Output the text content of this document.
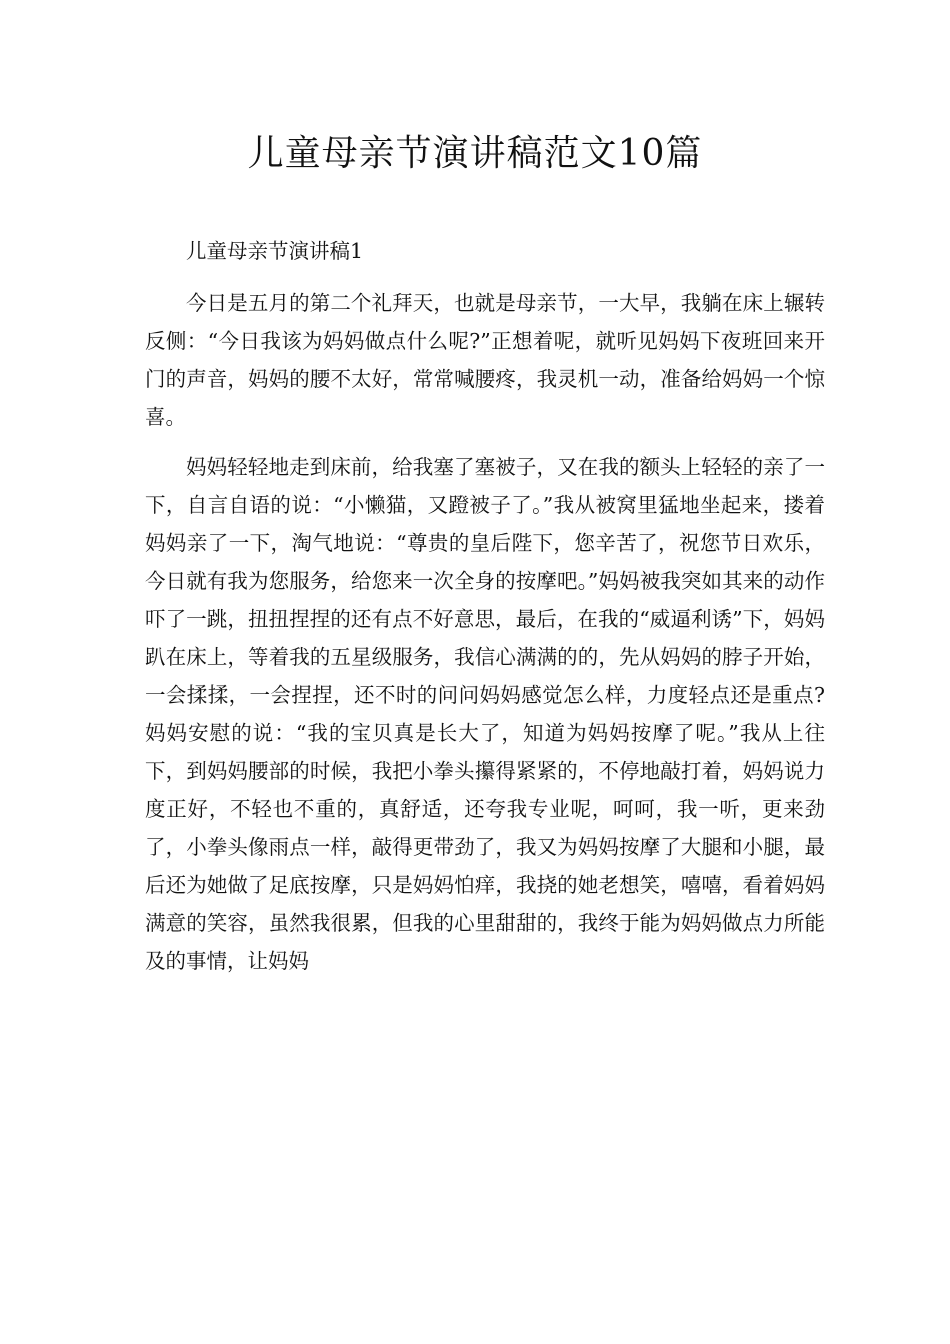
儿童母亲节演讲稿范文10篇
儿童母亲节演讲稿1

今日是五月的第二个礼拜天，也就是母亲节，一大早，我躺在床上辗转反侧：“今日我该为妈妈做点什么呢?”正想着呢，就听见妈妈下夜班回来开门的声音，妈妈的腰不太好，常常喊腰疼，我灵机一动，准备给妈妈一个惊喜。

妈妈轻轻地走到床前，给我塞了塞被子，又在我的额头上轻轻的亲了一下，自言自语的说：“小懒猫，又蹬被子了。”我从被窝里猛地坐起来，搂着妈妈亲了一下，淘气地说：“尊贵的皇后陛下，您辛苦了，祝您节日欢乐，今日就有我为您服务，给您来一次全身的按摩吧。”妈妈被我突如其来的动作吓了一跳，扭扭捏捏的还有点不好意思，最后，在我的“威逼利诱”下，妈妈趴在床上，等着我的五星级服务，我信心满满的的，先从妈妈的脖子开始，一会揉揉，一会捏捏，还不时的问问妈妈感觉怎么样，力度轻点还是重点?妈妈安慰的说：“我的宝贝真是长大了，知道为妈妈按摩了呢。”我从上往下，到妈妈腰部的时候，我把小拳头攥得紧紧的，不停地敲打着，妈妈说力度正好，不轻也不重的，真舒适，还夸我专业呢，呵呵，我一听，更来劲了，小拳头像雨点一样，敲得更带劲了，我又为妈妈按摩了大腿和小腿，最后还为她做了足底按摩，只是妈妈怕痒，我挠的她老想笑，嘻嘻，看着妈妈满意的笑容，虽然我很累，但我的心里甜甜的，我终于能为妈妈做点力所能及的事情，让妈妈
